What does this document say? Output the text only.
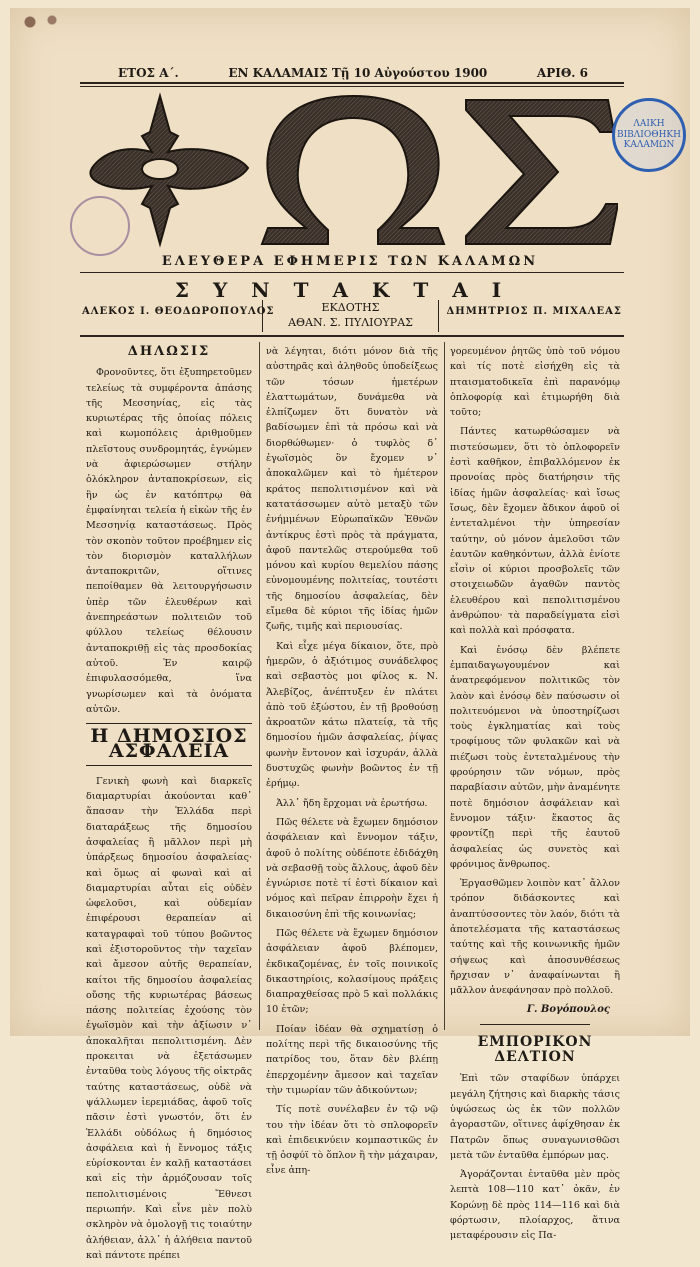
ΕΤΟΣ Α΄.	ΕΝ ΚΑΛΑΜΑΙΣ Τῇ 10 Αὐγούστου 1900	ΑΡΙΘ. 6
ΛΑΙΚΗ ΒΙΒΛΙΟΘΗΚΗ ΚΑΛΑΜΩΝ
ΕΛΕΥΘΕΡΑ ΕΦΗΜΕΡΙΣ ΤΩΝ ΚΑΛΑΜΩΝ
ΣΥΝΤΑΚΤΑΙ
ΑΛΕΚΟΣ Ι. ΘΕΟΔΩΡΟΠΟΥΛΟΣ	ΕΚΔΟΤΗΣ
ΑΘΑΝ. Σ. ΠΥΛΙΟΥΡΑΣ
ΔΗΜΗΤΡΙΟΣ Π. ΜΙΧΑΛΕΑΣ
ΔΗΛΩΣΙΣ

Φρονοῦντες, ὅτι ἐξυπηρετοῦμεν τελείως τὰ συμφέροντα ἁπάσης τῆς Μεσσηνίας, εἰς τὰς κυριωτέρας τῆς ὁποίας πόλεις καὶ κωμοπόλεις ἀριθμοῦμεν πλεῖστους συνδρομητάς, ἐγνώμεν νὰ ἀφιερώσωμεν στήλην ὁλόκληρον ἀνταποκρίσεων, εἰς ἣν ὡς ἐν κατόπτρῳ θὰ ἐμφαίνηται τελεία ἡ εἰκὼν τῆς ἐν Μεσσηνίᾳ καταστάσεως. Πρὸς τὸν σκοπὸν τοῦτον προέβημεν εἰς τὸν διορισμὸν καταλλήλων ἀνταποκριτῶν, οἵτινες πεποίθαμεν θὰ λειτουργήσωσιν ὑπὲρ τῶν ἐλευθέρων καὶ ἀνεπηρεάστων πολιτειῶν τοῦ φύλλου τελείως θέλουσιν ἀνταποκριθῇ εἰς τὰς προσδοκίας αὐτοῦ. Ἐν καιρῷ ἐπιφυλασσόμεθα, ἵνα γνωρίσωμεν καὶ τὰ ὀνόματα αὐτῶν.

Η ΔΗΜΟΣΙΟΣ ΑΣΦΑΛΕΙΑ

Γενικὴ φωνὴ καὶ διαρκεῖς διαμαρτυρίαι ἀκούονται καθ᾽ ἅπασαν τὴν Ἑλλάδα περὶ διαταράξεως τῆς δημοσίου ἀσφαλείας ἢ μᾶλλον περὶ μὴ ὑπάρξεως δημοσίου ἀσφαλείας· καὶ ὅμως αἱ φωναὶ καὶ αἱ διαμαρτυρίαι αὗται εἰς οὐδὲν ὠφελοῦσι, καὶ οὐδεμίαν ἐπιφέρουσι θεραπείαν αἱ καταγραφαὶ τοῦ τύπου βοῶντος καὶ ἐξιστοροῦντος τὴν ταχεῖαν καὶ ἄμεσον αὐτῆς θεραπείαν, καίτοι τῆς δημοσίου ἀσφαλείας οὔσης τῆς κυριωτέρας βάσεως πάσης πολιτείας ἐχούσης τὸν ἐγωϊσμὸν καὶ τὴν ἀξίωσιν ν᾽ ἀποκαλῆται πεπολιτισμένη. Δὲν προκειται νὰ ἐξετάσωμεν ἐνταῦθα τοὺς λόγους τῆς οἰκτρᾶς ταύτης καταστάσεως, οὐδὲ νὰ ψάλλωμεν ἱερεμιάδας, ἀφοῦ τοῖς πᾶσιν ἐστὶ γνωστόν, ὅτι ἐν Ἑλλάδι οὐδόλως ἡ δημόσιος ἀσφάλεια καὶ ἡ ἔννομος τάξις εὑρίσκονται ἐν καλῇ καταστάσει καὶ εἰς τὴν ἁρμόζουσαν τοῖς πεπολιτισμένοις Ἔθνεσι περιωπήν. Καὶ εἶνε μὲν πολὺ σκληρὸν νὰ ὁμολογῇ τις τοιαύτην ἀλήθειαν, ἀλλ᾽ ἡ ἀλήθεια παντοῦ καὶ πάντοτε πρέπει

νὰ λέγηται, διότι μόνον διὰ τῆς αὐστηρᾶς καὶ ἀληθοῦς ὑποδείξεως τῶν τόσων ἡμετέρων ἐλαττωμάτων, δυνάμεθα νὰ ἐλπίζωμεν ὅτι δυνατὸν νὰ βαδίσωμεν ἐπὶ τὰ πρόσω καὶ νὰ διορθώθωμεν· ὁ τυφλὸς δ᾽ ἐγωϊσμὸς ὃν ἔχομεν ν᾽ ἀποκαλῶμεν καὶ τὸ ἡμέτερον κράτος πεπολιτισμένον καὶ νὰ κατατάσσωμεν αὐτὸ μεταξὺ τῶν ἐνήμμένων Εὐρωπαϊκῶν Ἐθνῶν ἀντίκρυς ἐστὶ πρὸς τὰ πράγματα, ἀφοῦ παντελῶς στερούμεθα τοῦ μόνου καὶ κυρίου θεμελίου πάσης εὐνομουμένης πολιτείας, τουτέστι τῆς δημοσίου ἀσφαλείας, δὲν εἴμεθα δὲ κύριοι τῆς ἰδίας ἡμῶν ζωῆς, τιμῆς καὶ περιουσίας.

Καὶ εἶχε μέγα δίκαιον, ὅτε, πρὸ ἡμερῶν, ὁ ἀξιότιμος συνάδελφος καὶ σεβαστὸς μοι φίλος κ. Ν. Ἀλεβίζος, ἀνέπτυξεν ἐν πλάτει ἀπὸ τοῦ ἐξώστου, ἐν τῇ βροθούσῃ ἀκροατῶν κάτω πλατείᾳ, τὰ τῆς δημοσίου ἡμῶν ἀσφαλείας, ῥίψας φωνὴν ἔντονον καὶ ἰσχυράν, ἀλλὰ δυστυχῶς φωνὴν βοῶντος ἐν τῇ ἐρήμῳ.

Ἀλλ᾽ ἤδη ἔρχομαι νὰ ἐρωτήσω.

Πῶς θέλετε νὰ ἔχωμεν δημόσιον ἀσφάλειαν καὶ ἔννομον τάξιν, ἀφοῦ ὁ πολίτης οὐδέποτε ἐδιδάχθη νὰ σεβασθῇ τοὺς ἄλλους, ἀφοῦ δὲν ἐγνώρισε ποτὲ τί ἐστὶ δίκαιον καὶ νόμος καὶ πεῖραν ἐπιρροὴν ἔχει ἡ δικαιοσύνη ἐπὶ τῆς κοινωνίας;

Πῶς θέλετε νὰ ἔχωμεν δημόσιον ἀσφάλειαν ἀφοῦ βλέπομεν, ἐκδικαζομένας, ἐν τοῖς ποινικοῖς δικαστηρίοις, κολασίμους πράξεις διαπραχθείσας πρὸ 5 καὶ πολλάκις 10 ἐτῶν;

Ποίαν ἰδέαν θὰ σχηματίσῃ ὁ πολίτης περὶ τῆς δικαιοσύνης τῆς πατρίδος του, ὅταν δὲν βλέπῃ ἐπερχομένην ἄμεσον καὶ ταχεῖαν τὴν τιμωρίαν τῶν ἀδικούντων;

Τίς ποτὲ συνέλαβεν ἐν τῷ νῷ του τὴν ἰδέαν ὅτι τὸ σπλοφορεῖν καὶ ἐπιδεικνύειν κομπαστικῶς ἐν τῇ ὀσφύϊ τὸ ὅπλον ἢ τὴν μάχαιραν, εἶνε ἀπη-

γορευμένον ῥητῶς ὑπὸ τοῦ νόμου καὶ τίς ποτὲ εἰσήχθη εἰς τὰ πταισματοδικεῖα ἐπὶ παρανόμῳ ὁπλοφορίᾳ καὶ ἐτιμωρήθη διὰ τοῦτο;

Πάντες κατωρθώσαμεν νὰ πιστεύσωμεν, ὅτι τὸ ὁπλοφορεῖν ἐστὶ καθῆκον, ἐπιβαλλόμενον ἐκ προνοίας πρὸς διατήρησιν τῆς ἰδίας ἡμῶν ἀσφαλείας· καὶ ἴσως ἴσως, δὲν ἔχομεν ἄδικον ἀφοῦ οἱ ἐντεταλμένοι τὴν ὑπηρεσίαν ταύτην, οὐ μόνον ἀμελοῦσι τῶν ἑαυτῶν καθηκόντων, ἀλλὰ ἐνίοτε εἶσὶν οἱ κύριοι προσβολεῖς τῶν στοιχειωδῶν ἀγαθῶν παντὸς ἐλευθέρου καὶ πεπολιτισμένου ἀνθρώπου· τὰ παραδείγματα εἰσὶ καὶ πολλὰ καὶ πρόσφατα.

Καὶ ἐνόσῳ δὲν βλέπετε ἐμπαιδαγωγουμένον καὶ ἀνατρεφόμενον πολιτικῶς τὸν λαὸν καὶ ἐνόσῳ δὲν παύσωσιν οἱ πολιτευόμενοι νὰ ὑποστηρίζωσι τοὺς ἐγκληματίας καὶ τοὺς τροφίμους τῶν φυλακῶν καὶ νὰ πιέζωσι τοὺς ἐντεταλμένους τὴν φρούρησιν τῶν νόμων, πρὸς παραβίασιν αὐτῶν, μὴν ἀναμένητε ποτὲ δημόσιον ἀσφάλειαν καὶ ἔννομον τάξιν· ἕκαστος ἂς φροντίζῃ περὶ τῆς ἑαυτοῦ ἀσφαλείας ὡς συνετὸς καὶ φρόνιμος ἄνθρωπος.

Ἐργασθῶμεν λοιπὸν κατ᾽ ἄλλον τρόπον διδάσκοντες καὶ ἀναπτύσσοντες τὸν λαόν, διότι τὰ ἀποτελέσματα τῆς καταστάσεως ταύτης καὶ τῆς κοινωνικῆς ἡμῶν σήψεως καὶ ἀποσυνθέσεως ἤρχισαν ν᾽ ἀναφαίνωνται ἢ μᾶλλον ἀνεφάνησαν πρὸ πολλοῦ.

Γ. Βογόπουλος
ΕΜΠΟΡΙΚΟΝ ΔΕΛΤΙΟΝ

Ἐπὶ τῶν σταφίδων ὑπάρχει μεγάλη ζήτησις καὶ διαρκὴς τάσις ὑψώσεως ὡς ἐκ τῶν πολλῶν ἀγοραστῶν, οἵτινες ἀφίχθησαν ἐκ Πατρῶν ὅπως συναγωνισθῶσι μετὰ τῶν ἐνταῦθα ἐμπόρων μας.

Ἀγοράζονται ἐνταῦθα μὲν πρὸς λεπτὰ 108—110 κατ᾽ ὀκᾶν, ἐν Κορώνῃ δὲ πρὸς 114—116 καὶ διὰ φόρτωσιν, πλοίαρχος, ἅτινα μεταφέρουσιν εἰς Πα-
